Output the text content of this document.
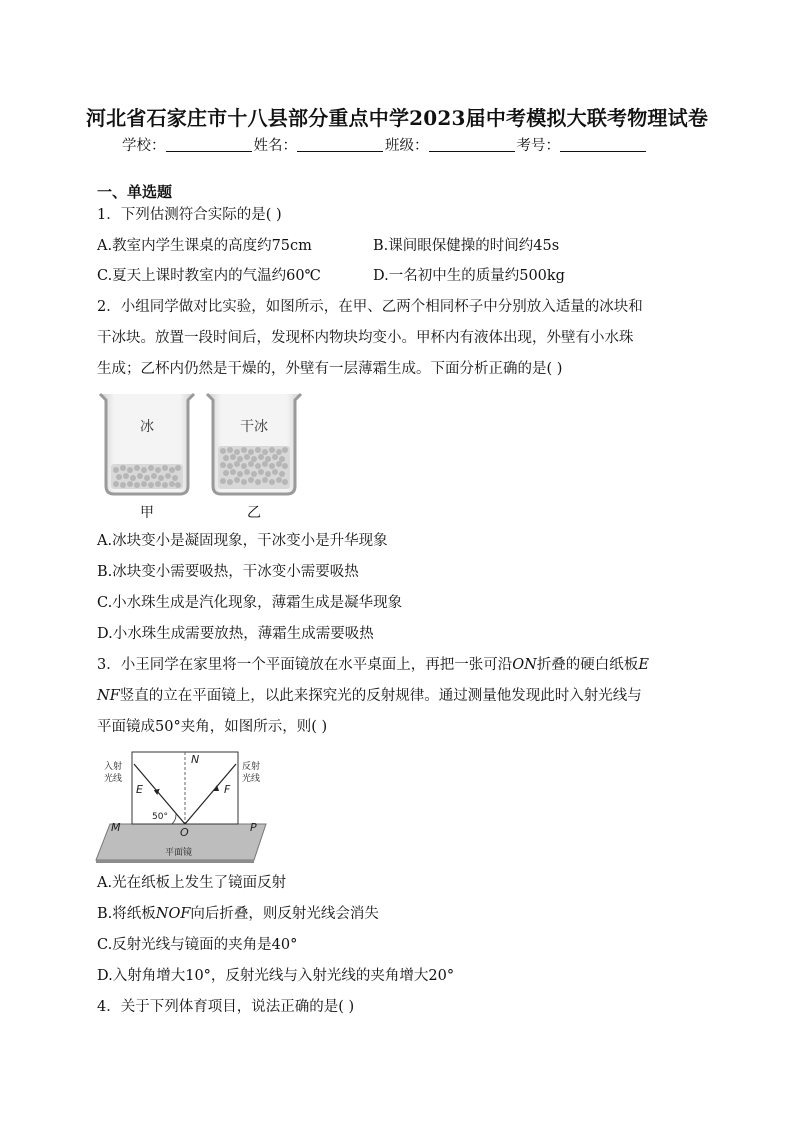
河北省石家庄市十八县部分重点中学2023届中考模拟大联考物理试卷
学校：	姓名：	班级：	考号：
一、单选题
1．下列估测符合实际的是( )
A.教室内学生课桌的高度约75cm	B.课间眼保健操的时间约45s
C.夏天上课时教室内的气温约60℃	D.一名初中生的质量约500kg
2．小组同学做对比实验，如图所示，在甲、乙两个相同杯子中分别放入适量的冰块和
干冰块。放置一段时间后，发现杯内物块均变小。甲杯内有液体出现，外壁有小水珠
生成；乙杯内仍然是干燥的，外壁有一层薄霜生成。下面分析正确的是( )
冰
甲
干冰
乙
A.冰块变小是凝固现象，干冰变小是升华现象
B.冰块变小需要吸热，干冰变小需要吸热
C.小水珠生成是汽化现象，薄霜生成是凝华现象
D.小水珠生成需要放热，薄霜生成需要吸热
3．小王同学在家里将一个平面镜放在水平桌面上，再把一张可沿ON折叠的硬白纸板E
NF竖直的立在平面镜上，以此来探究光的反射规律。通过测量他发现此时入射光线与
平面镜成50°夹角，如图所示，则( )
入射
光线
反射
光线
50°
平面镜
N
E	F
O
M	P
A.光在纸板上发生了镜面反射
B.将纸板NOF向后折叠，则反射光线会消失
C.反射光线与镜面的夹角是40°
D.入射角增大10°，反射光线与入射光线的夹角增大20°
4．关于下列体育项目，说法正确的是( )
